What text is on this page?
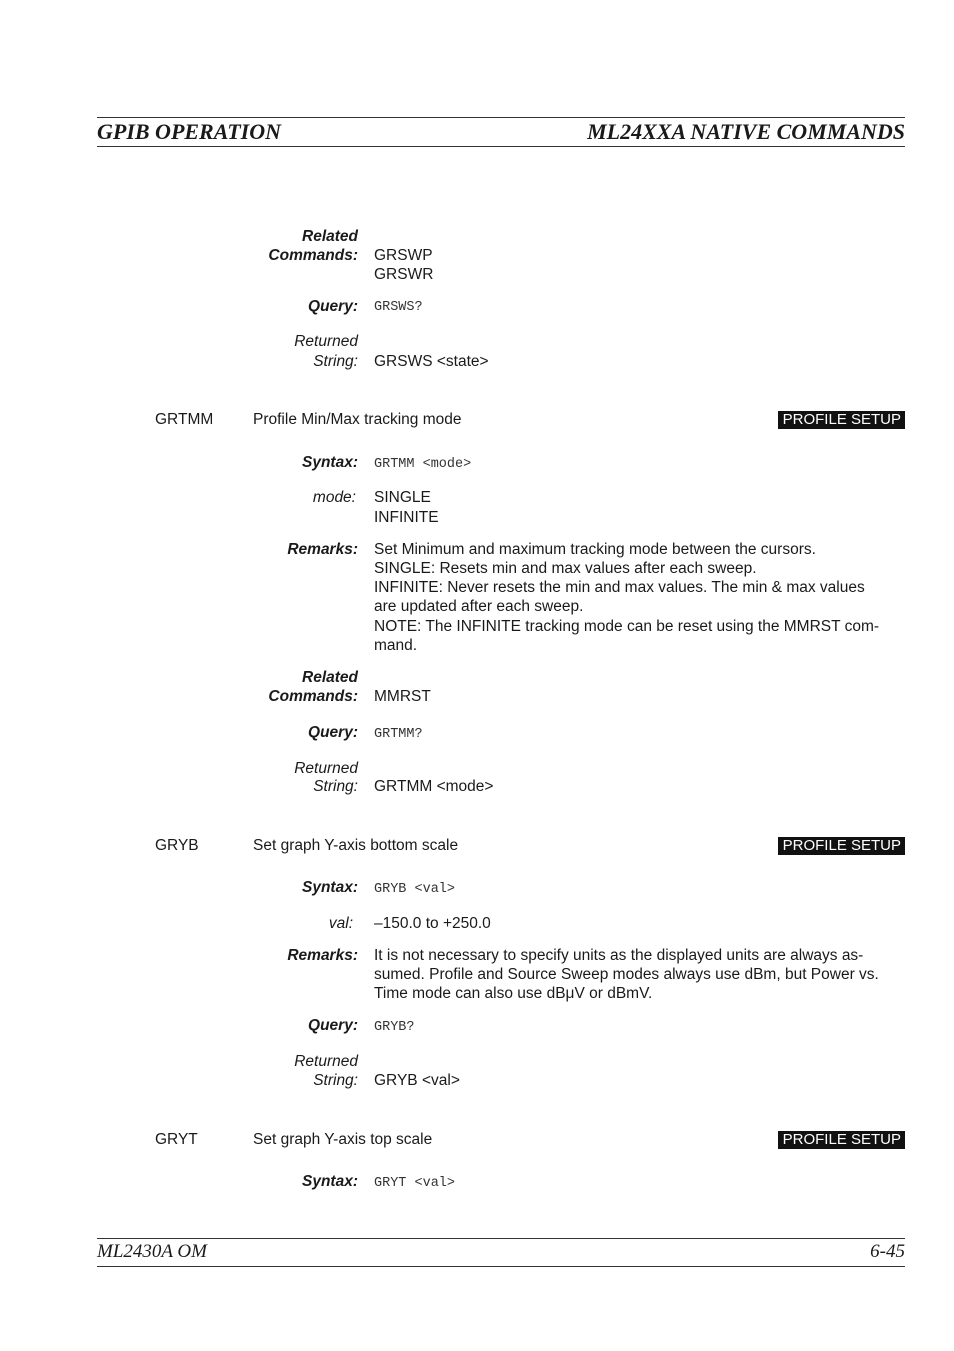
GPIB OPERATION	ML24XXA NATIVE COMMANDS
Related
Commands: GRSWP
GRSWR
Query: GRSWS?
Returned
String: GRSWS <state>
GRTMM	Profile Min/Max tracking mode	PROFILE SETUP
Syntax: GRTMM <mode>
mode: SINGLE
INFINITE
Remarks: Set Minimum and maximum tracking mode between the cursors.
SINGLE: Resets min and max values after each sweep.
INFINITE: Never resets the min and max values. The min & max values
are updated after each sweep.
NOTE: The INFINITE tracking mode can be reset using the MMRST com-
mand.
Related
Commands: MMRST
Query: GRTMM?
Returned
String: GRTMM <mode>
GRYB	Set graph Y-axis bottom scale	PROFILE SETUP
Syntax: GRYB <val>
val: –150.0 to +250.0
Remarks: It is not necessary to specify units as the displayed units are always as-
sumed. Profile and Source Sweep modes always use dBm, but Power vs.
Time mode can also use dBμV or dBmV.
Query: GRYB?
Returned
String: GRYB <val>
GRYT	Set graph Y-axis top scale	PROFILE SETUP
Syntax: GRYT <val>
ML2430A OM	6-45
